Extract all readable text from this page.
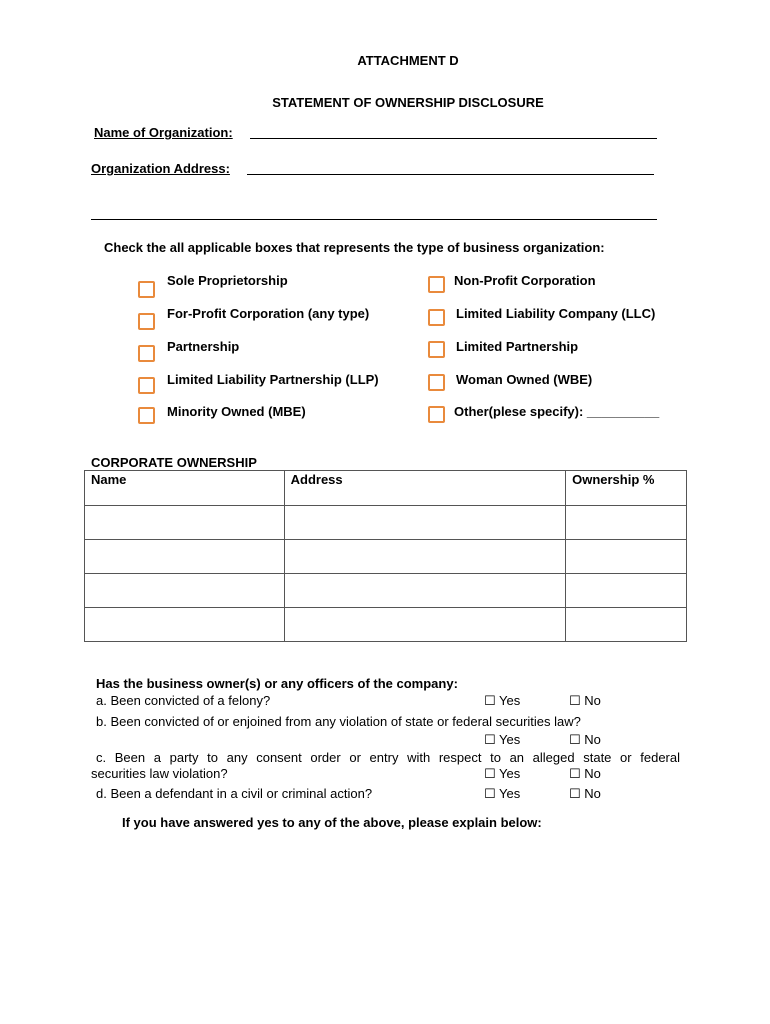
ATTACHMENT D
STATEMENT OF OWNERSHIP DISCLOSURE
Name of Organization:
Organization Address:
Check the all applicable boxes that represents the type of business organization:
Sole Proprietorship
For-Profit Corporation (any type)
Partnership
Limited Liability Partnership (LLP)
Minority Owned (MBE)
Non-Profit Corporation
Limited Liability Company (LLC)
Limited Partnership
Woman Owned (WBE)
Other(plese specify): __________
CORPORATE OWNERSHIP
Name	Address	Ownership %

Has the business owner(s) or any officers of the company:
a. Been convicted of a felony?	☐ Yes	☐ No
b. Been convicted of or enjoined from any violation of state or federal securities law?
☐ Yes	☐ No
c. Been a party to any consent order or entry with respect to an alleged state or federal
securities law violation?	☐ Yes	☐ No
d. Been a defendant in a civil or criminal action?	☐ Yes	☐ No
If you have answered yes to any of the above, please explain below:
